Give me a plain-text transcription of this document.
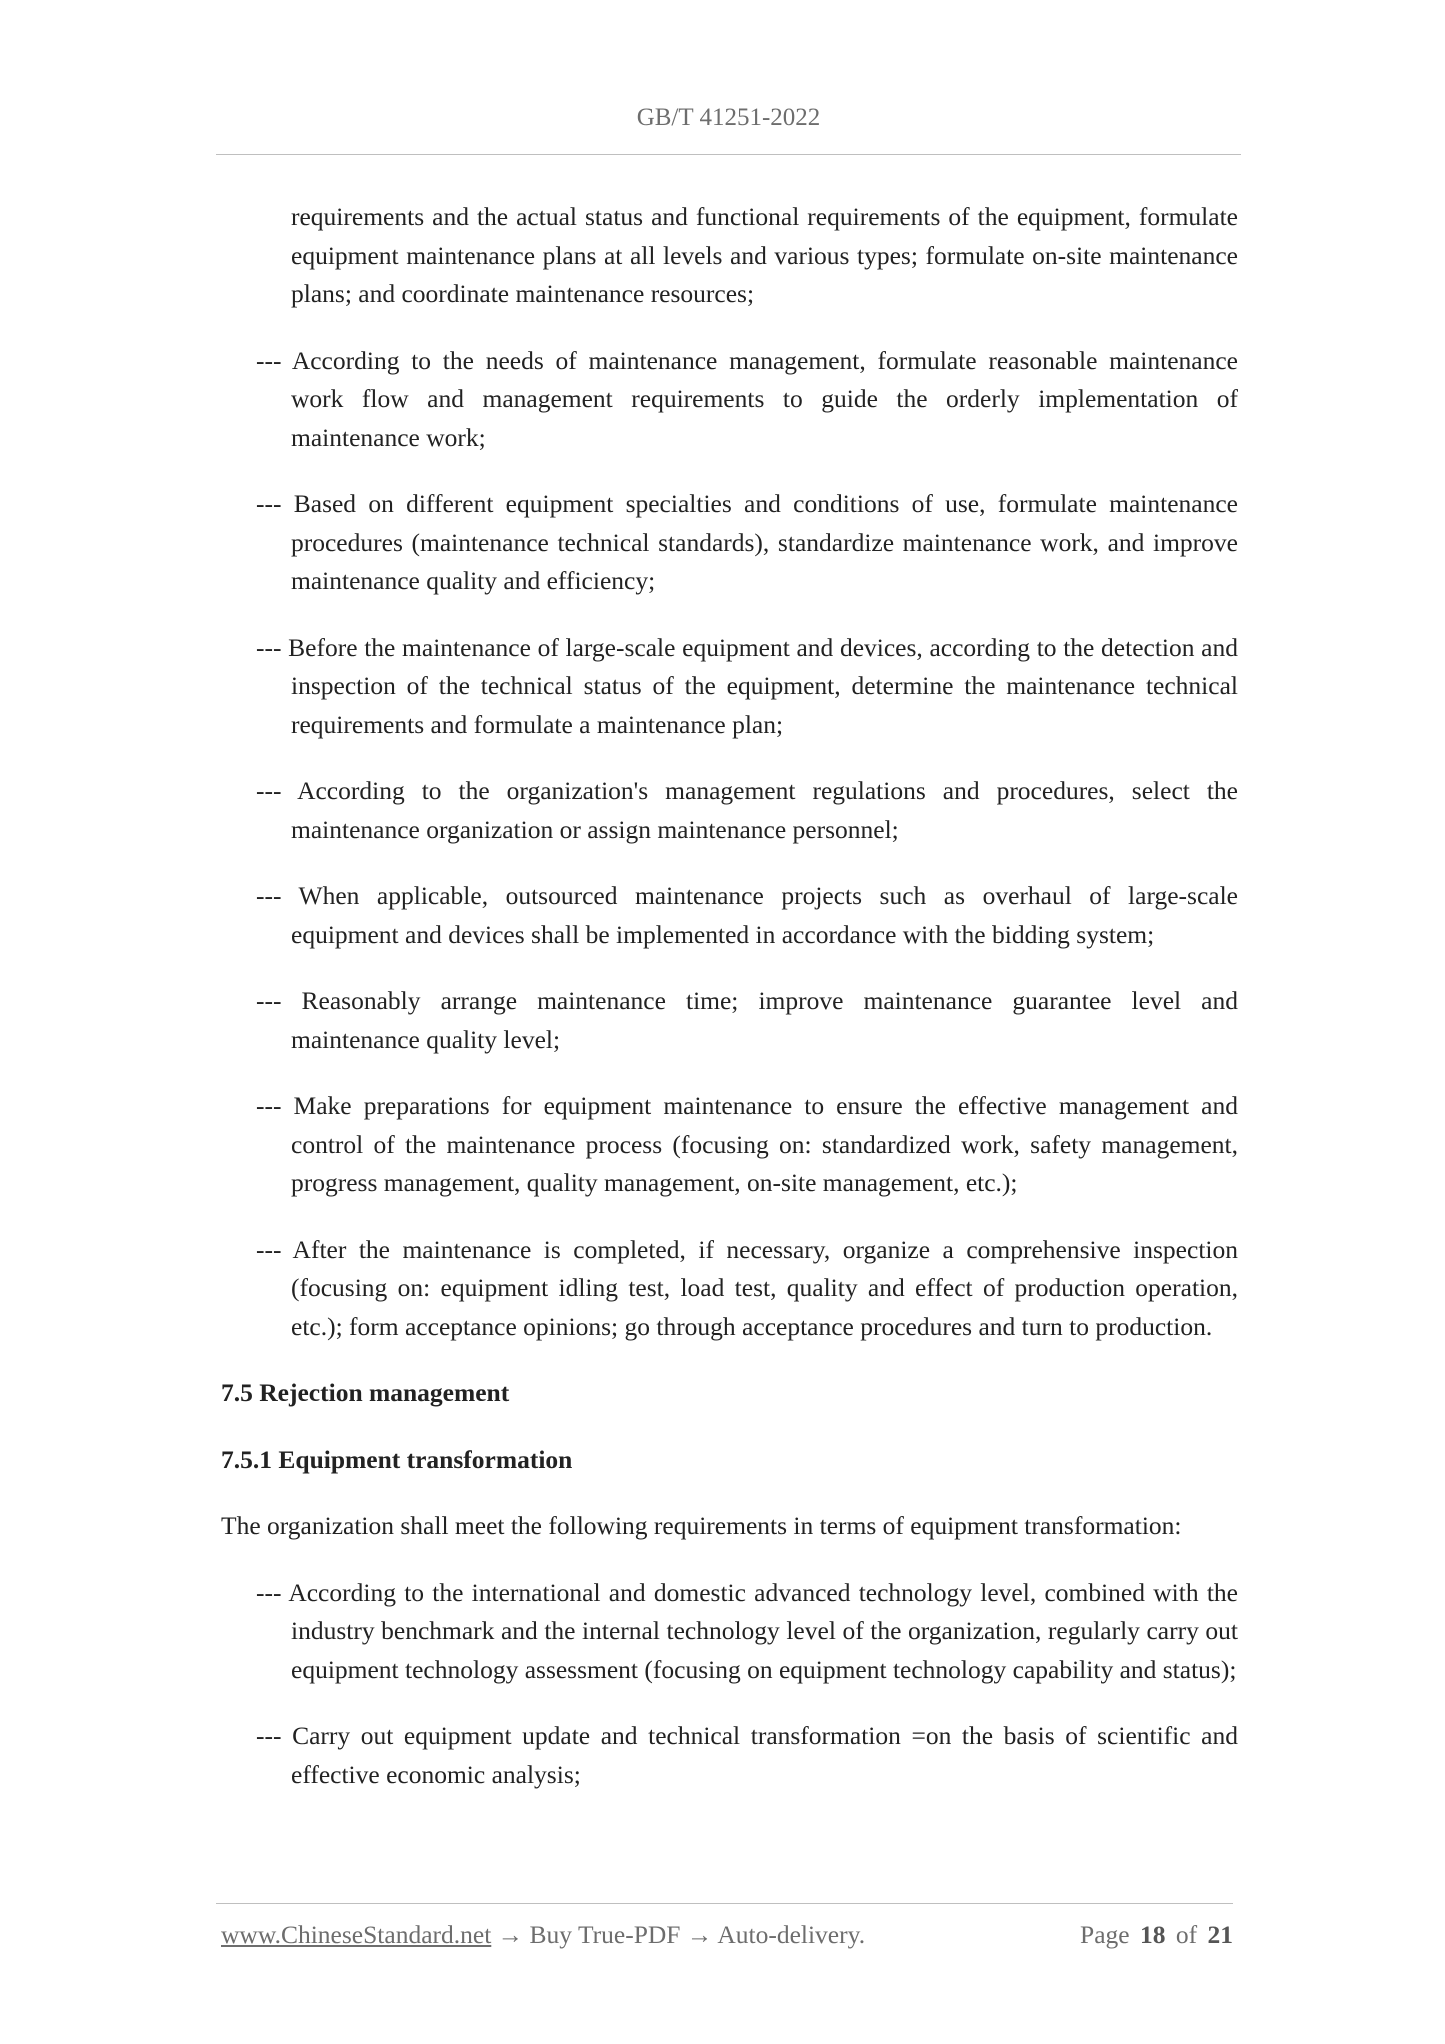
GB/T 41251-2022

requirements and the actual status and functional requirements of the equipment, formulate equipment maintenance plans at all levels and various types; formulate on-site maintenance plans; and coordinate maintenance resources;

--- According to the needs of maintenance management, formulate reasonable maintenance work flow and management requirements to guide the orderly implementation of maintenance work;

--- Based on different equipment specialties and conditions of use, formulate maintenance procedures (maintenance technical standards), standardize maintenance work, and improve maintenance quality and efficiency;

--- Before the maintenance of large-scale equipment and devices, according to the detection and inspection of the technical status of the equipment, determine the maintenance technical requirements and formulate a maintenance plan;

--- According to the organization's management regulations and procedures, select the maintenance organization or assign maintenance personnel;

--- When applicable, outsourced maintenance projects such as overhaul of large-scale equipment and devices shall be implemented in accordance with the bidding system;

--- Reasonably arrange maintenance time; improve maintenance guarantee level and maintenance quality level;

--- Make preparations for equipment maintenance to ensure the effective management and control of the maintenance process (focusing on: standardized work, safety management, progress management, quality management, on-site management, etc.);

--- After the maintenance is completed, if necessary, organize a comprehensive inspection (focusing on: equipment idling test, load test, quality and effect of production operation, etc.); form acceptance opinions; go through acceptance procedures and turn to production.

7.5 Rejection management

7.5.1 Equipment transformation

The organization shall meet the following requirements in terms of equipment transformation:

--- According to the international and domestic advanced technology level, combined with the industry benchmark and the internal technology level of the organization, regularly carry out equipment technology assessment (focusing on equipment technology capability and status);

--- Carry out equipment update and technical transformation =on the basis of scientific and effective economic analysis;

www.ChineseStandard.net → Buy True-PDF → Auto-delivery.	Page 18 of 21
